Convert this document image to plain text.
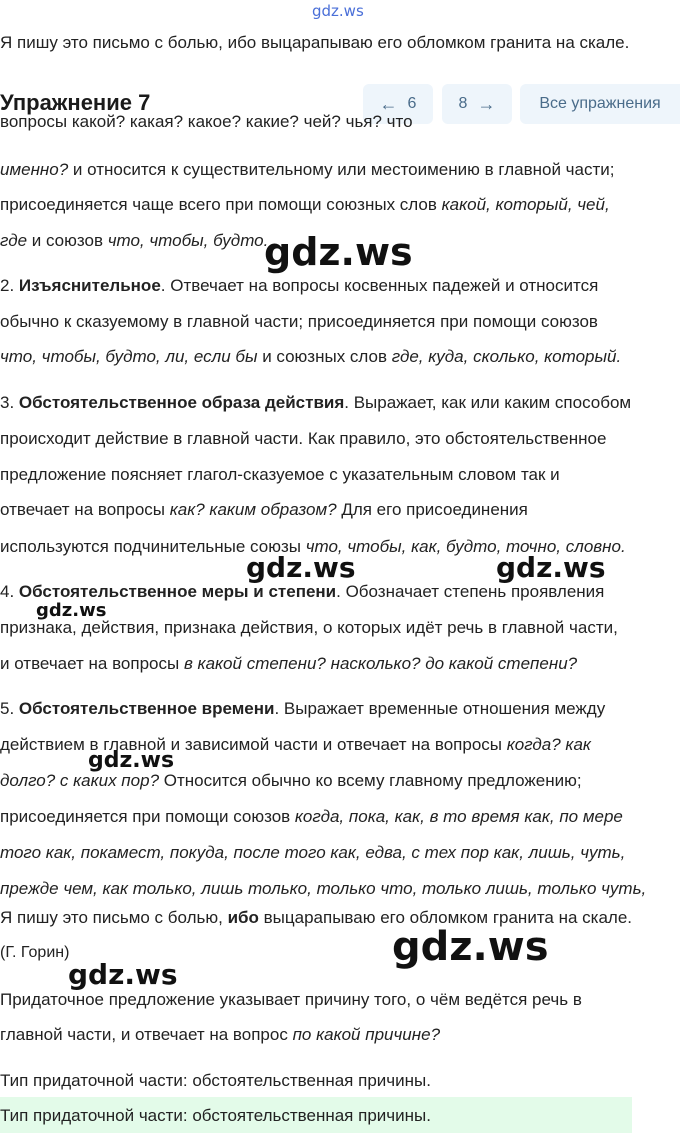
gdz.ws
Я пишу это письмо с болью, ибо выцарапываю его обломком гранита на скале.
Упражнение 7	← 6	8 →	Все упражнения
вопросы какой? какая? какое? какие? чей? чья? что
именно? и относится к существительному или местоимению в главной части;
присоединяется чаще всего при помощи союзных слов какой, который, чей,
где и союзов что, чтобы, будто.
2. Изъяснительное. Отвечает на вопросы косвенных падежей и относится
обычно к сказуемому в главной части; присоединяется при помощи союзов
что, чтобы, будто, ли, если бы и союзных слов где, куда, сколько, который.
3. Обстоятельственное образа действия. Выражает, как или каким способом
происходит действие в главной части. Как правило, это обстоятельственное
предложение поясняет глагол-сказуемое с указательным словом так и
отвечает на вопросы как? каким образом? Для его присоединения
используются подчинительные союзы что, чтобы, как, будто, точно, словно.
4. Обстоятельственное меры и степени. Обозначает степень проявления
признака, действия, признака действия, о которых идёт речь в главной части,
и отвечает на вопросы в какой степени? насколько? до какой степени?
5. Обстоятельственное времени. Выражает временные отношения между
действием в главной и зависимой части и отвечает на вопросы когда? как
долго? с каких пор? Относится обычно ко всему главному предложению;
присоединяется при помощи союзов когда, пока, как, в то время как, по мере
того как, покамест, покуда, после того как, едва, с тех пор как, лишь, чуть,
прежде чем, как только, лишь только, только что, только лишь, только чуть,
Я пишу это письмо с болью, ибо выцарапываю его обломком гранита на скале.
(Г. Горин)
Придаточное предложение указывает причину того, о чём ведётся речь в
главной части, и отвечает на вопрос по какой причине?
Тип придаточной части: обстоятельственная причины.
Тип придаточной части: обстоятельственная причины.
gdz.ws
gdz.ws	gdz.ws
gdz.ws
gdz.ws
gdz.ws
gdz.ws
